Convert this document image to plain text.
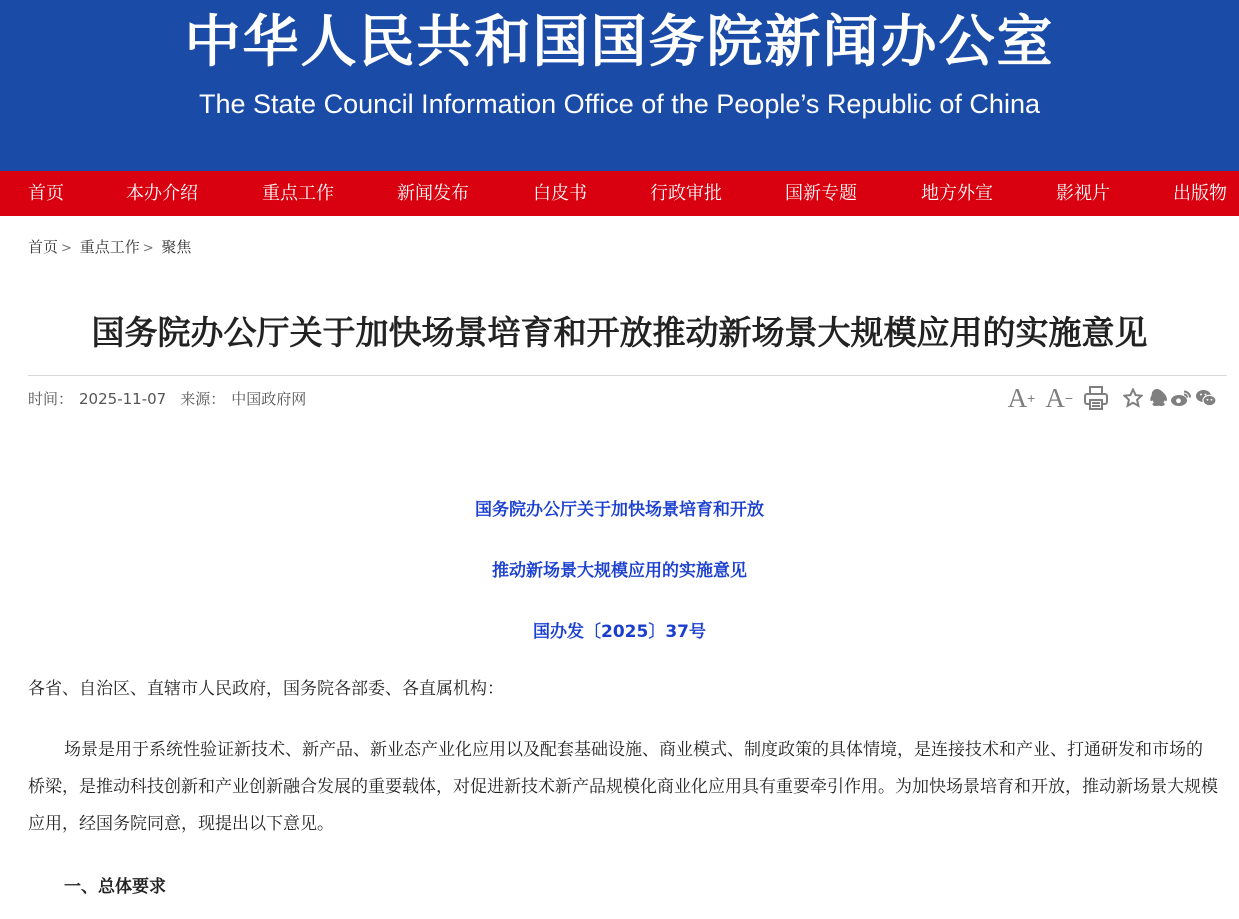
中华人民共和国国务院新闻办公室
The State Council Information Office of the People’s Republic of China
首页	本办介绍	重点工作	新闻发布	白皮书	行政审批	国新专题	地方外宣	影视片	出版物
首页 > 重点工作 > 聚焦
国务院办公厅关于加快场景培育和开放推动新场景大规模应用的实施意见
时间： 2025-11-07 来源： 中国政府网	A + A −
国务院办公厅关于加快场景培育和开放
推动新场景大规模应用的实施意见
国办发〔2025〕37号
各省、自治区、直辖市人民政府，国务院各部委、各直属机构：
场景是用于系统性验证新技术、新产品、新业态产业化应用以及配套基础设施、商业模式、制度政策的具体情境，是连接技术和产业、打通研发和市场的桥梁，是推动科技创新和产业创新融合发展的重要载体，对促进新技术新产品规模化商业化应用具有重要牵引作用。为加快场景培育和开放，推动新场景大规模应用，经国务院同意，现提出以下意见。
一、总体要求
